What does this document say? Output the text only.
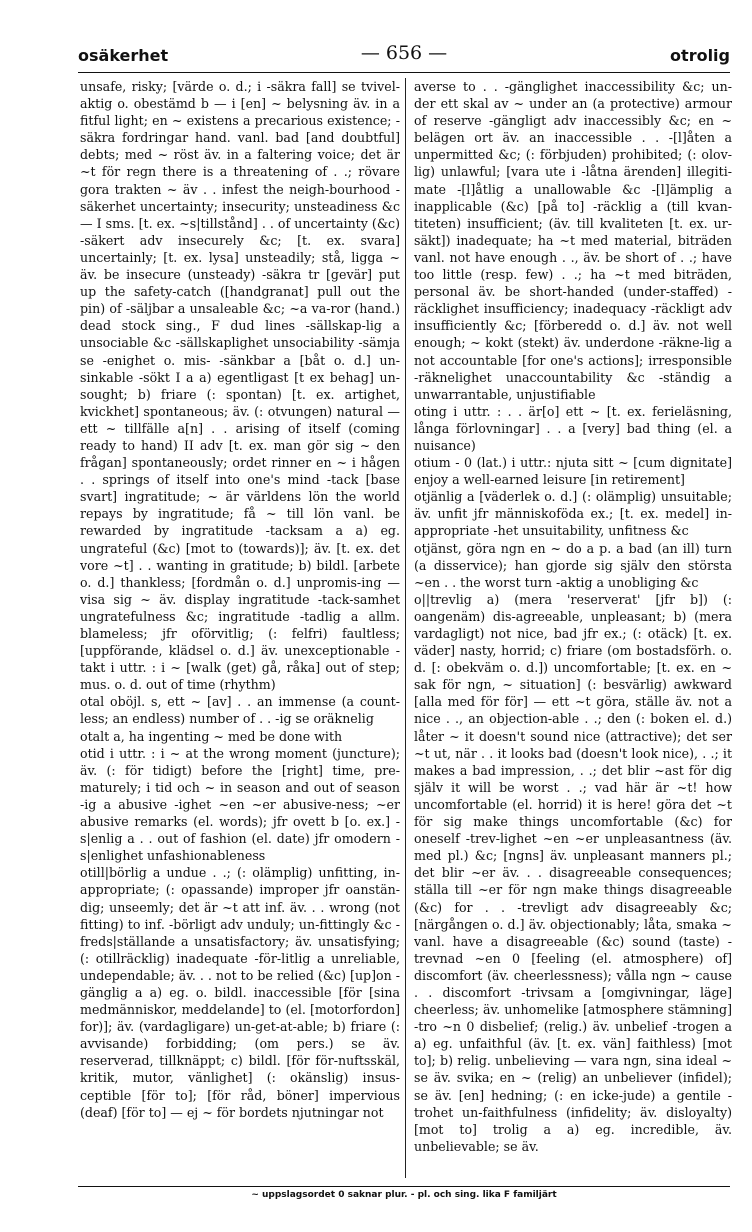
osäkerhet	— 656 —	otrolig

unsafe, risky; [värde o. d.; i -säkra fall] se tvivel-aktig o. obestämd b — i [en] ~ belysning äv. in a fitful light; en ~ existens a precarious existence; -säkra fordringar hand. vanl. bad [and doubtful] debts; med ~ röst äv. in a faltering voice; det är ~t för regn there is a threatening of . .; rövare gora trakten ~ äv . . infest the neigh-bourhood -säkerhet uncertainty; insecurity; unsteadiness &c — I sms. [t. ex. ~s|tillstånd] . . of uncertainty (&c) -säkert adv insecurely &c; [t. ex. svara] uncertainly; [t. ex. lysa] unsteadily; stå, ligga ~ äv. be insecure (unsteady) -säkra tr [gevär] put up the safety-catch ([handgranat] pull out the pin) of -säljbar a unsaleable &c; ~a va-ror (hand.) dead stock sing., F dud lines -sällskap-lig a unsociable &c -sällskaplighet unsociability -sämja se -enighet o. mis- -sänkbar a [båt o. d.] un-sinkable -sökt I a a) egentligast [t ex behag] un-sought; b) friare (: spontan) [t. ex. artighet, kvickhet] spontaneous; äv. (: otvungen) natural — ett ~ tillfälle a[n] . . arising of itself (coming ready to hand) II adv [t. ex. man gör sig ~ den frågan] spontaneously; ordet rinner en ~ i hågen . . springs of itself into one's mind -tack [base svart] ingratitude; ~ är världens lön the world repays by ingratitude; få ~ till lön vanl. be rewarded by ingratitude -tacksam a a) eg. ungrateful (&c) [mot to (towards)]; äv. [t. ex. det vore ~t] . . wanting in gratitude; b) bildl. [arbete o. d.] thankless; [fordmån o. d.] unpromis-ing — visa sig ~ äv. display ingratitude -tack-samhet ungratefulness &c; ingratitude -tadlig a allm. blameless; jfr oförvitlig; (: felfri) faultless; [uppförande, klädsel o. d.] äv. unexceptionable -takt i uttr. : i ~ [walk (get) gå, råka] out of step; mus. o. d. out of time (rhythm)

otal oböjl. s, ett ~ [av] . . an immense (a count-less; an endless) number of . . -ig se oräknelig

otalt a, ha ingenting ~ med be done with

otid i uttr. : i ~ at the wrong moment (juncture); äv. (: för tidigt) before the [right] time, pre-maturely; i tid och ~ in season and out of season -ig a abusive -ighet ~en ~er abusive-ness; ~er abusive remarks (el. words); jfr ovett b [o. ex.] -s|enlig a . . out of fashion (el. date) jfr omodern -s|enlighet unfashionableness

otill|börlig a undue . .; (: olämplig) unfitting, in-appropriate; (: opassande) improper jfr oanstän-dig; unseemly; det är ~t att inf. äv. . . wrong (not fitting) to inf. -börligt adv unduly; un-fittingly &c -freds|ställande a unsatisfactory; äv. unsatisfying; (: otillräcklig) inadequate -för-litlig a unreliable, undependable; äv. . . not to be relied (&c) [up]on -gänglig a a) eg. o. bildl. inaccessible [för [sina medmänniskor, meddelande] to (el. [motorfordon] for)]; äv. (vardagligare) un-get-at-able; b) friare (: avvisande) forbidding; (om pers.) se äv. reserverad, tillknäppt; c) bildl. [för för-nuftsskäl, kritik, mutor, vänlighet] (: okänslig) insus-ceptible [för to]; [för råd, böner] impervious (deaf) [för to] — ej ~ för bordets njutningar not

averse to . . -gänglighet inaccessibility &c; un-der ett skal av ~ under an (a protective) armour of reserve -gängligt adv inaccessibly &c; en ~ belägen ort äv. an inaccessible . . -[l]åten a unpermitted &c; (: förbjuden) prohibited; (: olov-lig) unlawful; [vara ute i -låtna ärenden] illegiti-mate -[l]åtlig a unallowable &c -[l]ämplig a inapplicable (&c) [på to] -räcklig a (till kvan-titeten) insufficient; (äv. till kvaliteten [t. ex. ur-säkt]) inadequate; ha ~t med material, biträden vanl. not have enough . ., äv. be short of . .; have too little (resp. few) . .; ha ~t med biträden, personal äv. be short-handed (under-staffed) -räcklighet insufficiency; inadequacy -räckligt adv insufficiently &c; [förberedd o. d.] äv. not well enough; ~ kokt (stekt) äv. underdone -räkne-lig a not accountable [for one's actions]; irresponsible -räknelighet unaccountability &c -ständig a unwarrantable, unjustifiable

oting i uttr. : . . är[o] ett ~ [t. ex. ferieläsning, långa förlovningar] . . a [very] bad thing (el. a nuisance)

otium - 0 (lat.) i uttr.: njuta sitt ~ [cum dignitate] enjoy a well-earned leisure [in retirement]

otjänlig a [väderlek o. d.] (: olämplig) unsuitable; äv. unfit jfr människoföda ex.; [t. ex. medel] in-appropriate -het unsuitability, unfitness &c

otjänst, göra ngn en ~ do a p. a bad (an ill) turn (a disservice); han gjorde sig själv den största ~en . . the worst turn -aktig a unobliging &c

o||trevlig a) (mera 'reserverat' [jfr b]) (: oangenäm) dis-agreeable, unpleasant; b) (mera vardagligt) not nice, bad jfr ex.; (: otäck) [t. ex. väder] nasty, horrid; c) friare (om bostadsförh. o. d. [: obekväm o. d.]) uncomfortable; [t. ex. en ~ sak för ngn, ~ situation] (: besvärlig) awkward [alla med för för] — ett ~t göra, ställe äv. not a nice . ., an objection-able . .; den (: boken el. d.) låter ~ it doesn't sound nice (attractive); det ser ~t ut, när . . it looks bad (doesn't look nice), . .; it makes a bad impression, . .; det blir ~ast för dig själv it will be worst . .; vad här är ~t! how uncomfortable (el. horrid) it is here! göra det ~t för sig make things uncomfortable (&c) for oneself -trev-lighet ~en ~er unpleasantness (äv. med pl.) &c; [ngns] äv. unpleasant manners pl.; det blir ~er äv. . . disagreeable consequences; ställa till ~er för ngn make things disagreeable (&c) for . . -trevligt adv disagreeably &c; [närgången o. d.] äv. objectionably; låta, smaka ~ vanl. have a disagreeable (&c) sound (taste) -trevnad ~en 0 [feeling (el. atmosphere) of] discomfort (äv. cheerlessness); vålla ngn ~ cause . . discomfort -trivsam a [omgivningar, läge] cheerless; äv. unhomelike [atmosphere stämning] -tro ~n 0 disbelief; (relig.) äv. unbelief -trogen a a) eg. unfaithful (äv. [t. ex. vän] faithless) [mot to]; b) relig. unbelieving — vara ngn, sina ideal ~ se äv. svika; en ~ (relig) an unbeliever (infidel); se äv. [en] hedning; (: en icke-jude) a gentile -trohet un-faithfulness (infidelity; äv. disloyalty) [mot to] trolig a a) eg. incredible, äv. unbelievable; se äv.

~ uppslagsordet 0 saknar plur. - pl. och sing. lika F familjärt
